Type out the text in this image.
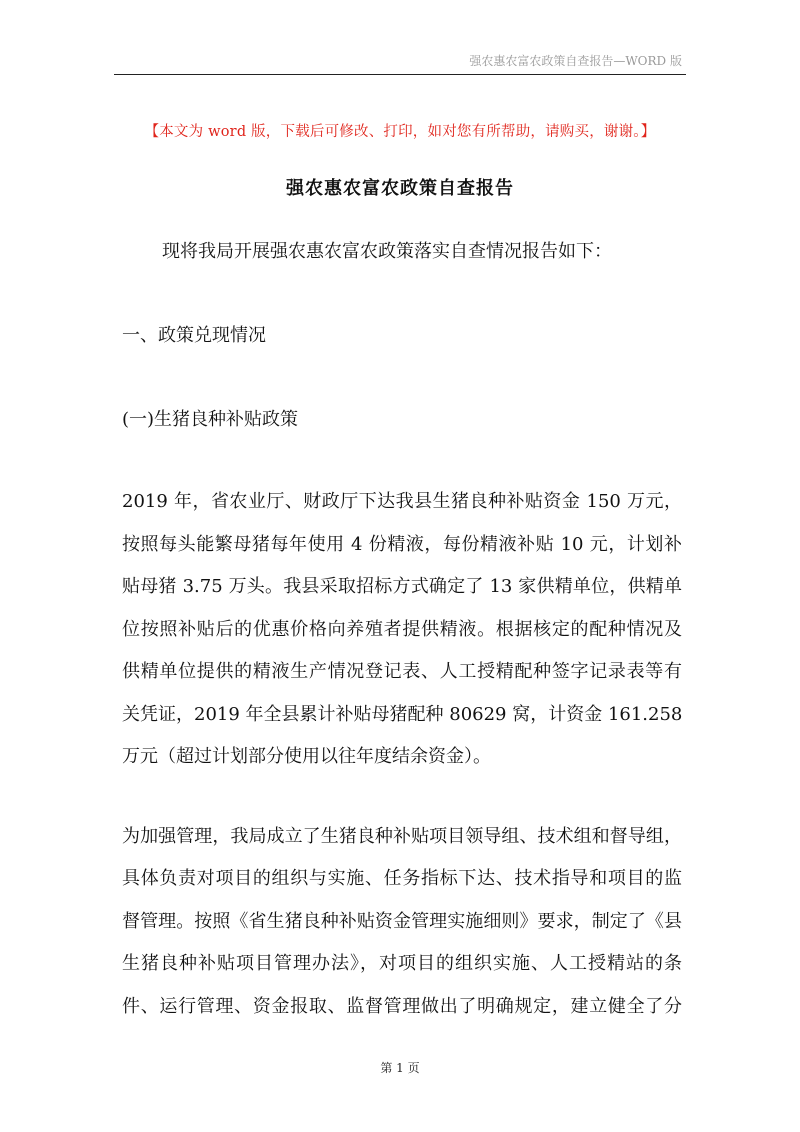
强农惠农富农政策自查报告—WORD 版
【本文为 word 版，下载后可修改、打印，如对您有所帮助，请购买，谢谢。】
强农惠农富农政策自查报告
现将我局开展强农惠农富农政策落实自查情况报告如下：
一、政策兑现情况
(一)生猪良种补贴政策
2019 年，省农业厅、财政厅下达我县生猪良种补贴资金 150 万元，
按照每头能繁母猪每年使用 4 份精液，每份精液补贴 10 元，计划补
贴母猪 3.75 万头。我县采取招标方式确定了 13 家供精单位，供精单
位按照补贴后的优惠价格向养殖者提供精液。根据核定的配种情况及
供精单位提供的精液生产情况登记表、人工授精配种签字记录表等有
关凭证，2019 年全县累计补贴母猪配种 80629 窝，计资金 161.258
万元（超过计划部分使用以往年度结余资金）。
为加强管理，我局成立了生猪良种补贴项目领导组、技术组和督导组，
具体负责对项目的组织与实施、任务指标下达、技术指导和项目的监
督管理。按照《省生猪良种补贴资金管理实施细则》要求，制定了《县
生猪良种补贴项目管理办法》，对项目的组织实施、人工授精站的条
件、运行管理、资金报取、监督管理做出了明确规定，建立健全了分
第 1 页
